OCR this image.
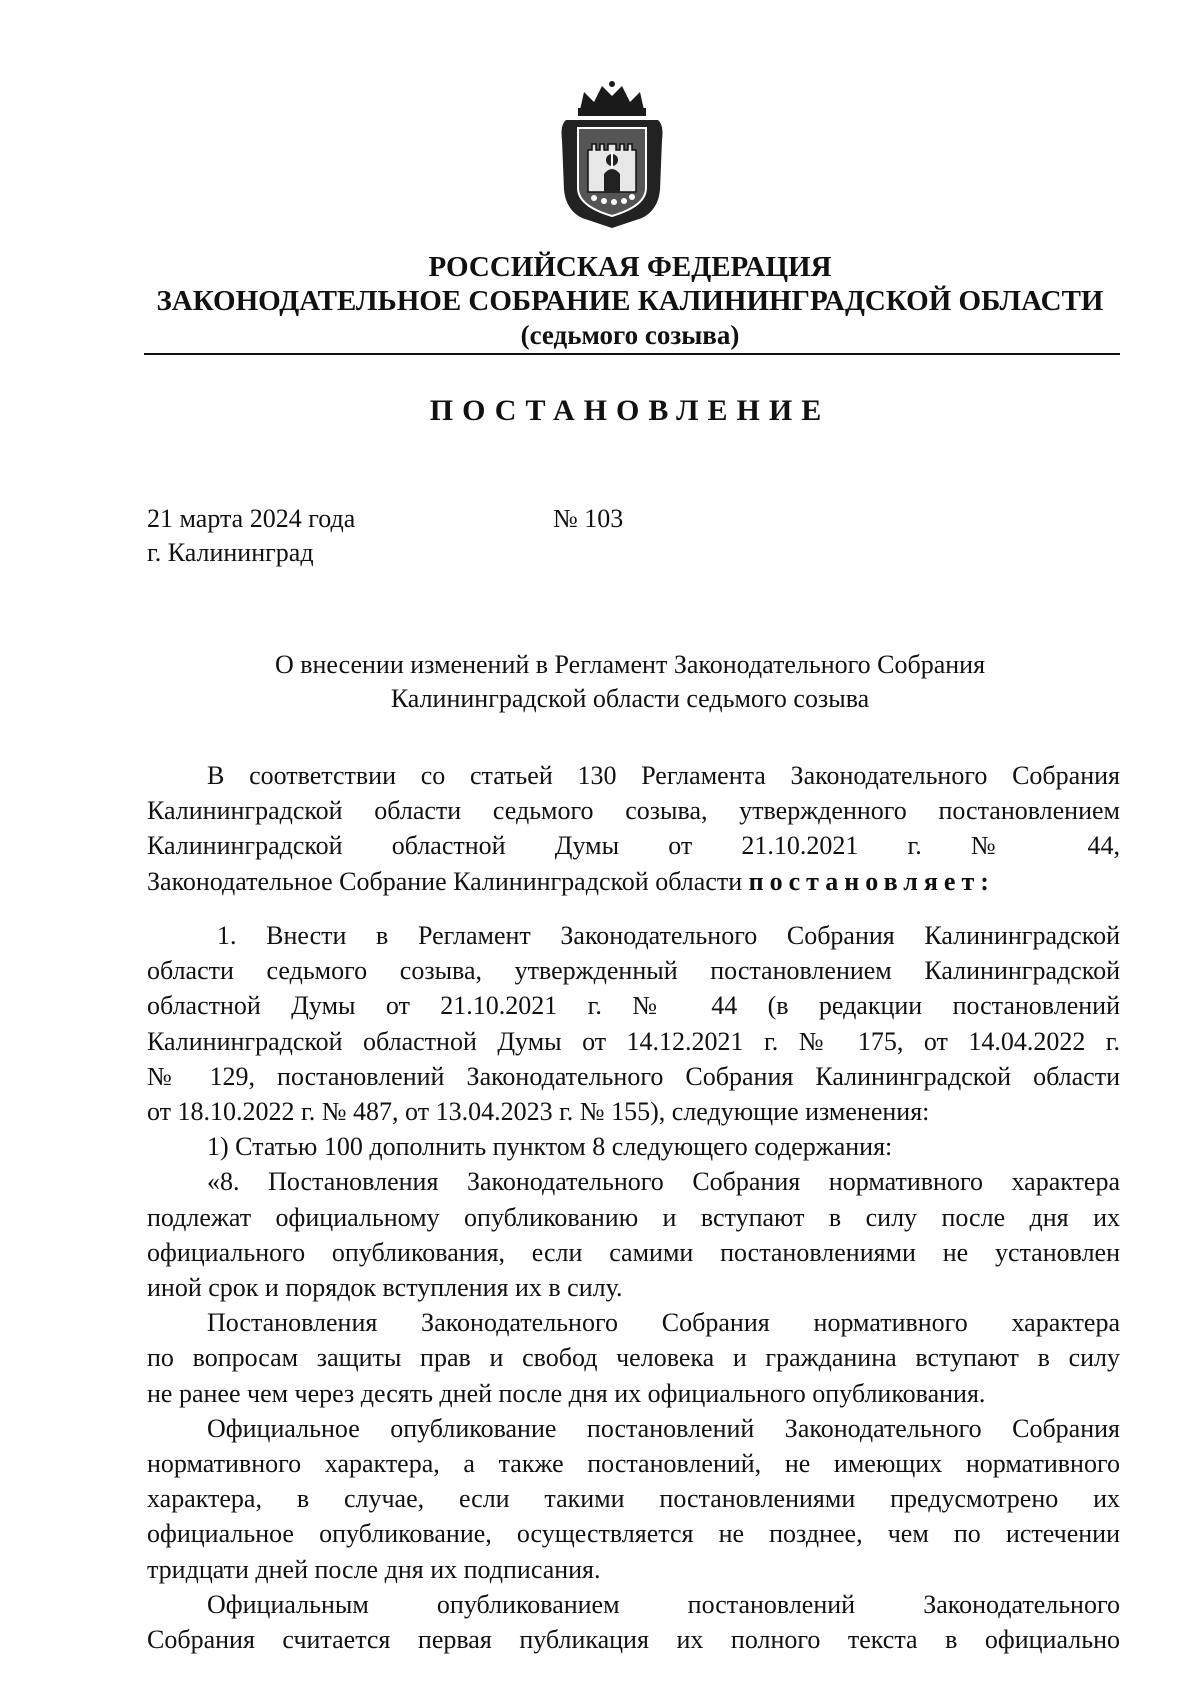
РОССИЙСКАЯ ФЕДЕРАЦИЯ
ЗАКОНОДАТЕЛЬНОЕ СОБРАНИЕ КАЛИНИНГРАДСКОЙ ОБЛАСТИ
(седьмого созыва)
ПОСТАНОВЛЕНИЕ
21 марта 2024 года	№ 103
г. Калининград
О внесении изменений в Регламент Законодательного Собрания
Калининградской области седьмого созыва
В соответствии со статьей 130 Регламента Законодательного Собрания
Калининградской области седьмого созыва, утвержденного постановлением
Калининградской областной Думы от 21.10.2021 г. № 44,
Законодательное Собрание Калининградской области постановляет:
1. Внести в Регламент Законодательного Собрания Калининградской
области седьмого созыва, утвержденный постановлением Калининградской
областной Думы от 21.10.2021 г. № 44 (в редакции постановлений
Калининградской областной Думы от 14.12.2021 г. № 175, от 14.04.2022 г.
№ 129, постановлений Законодательного Собрания Калининградской области
от 18.10.2022 г. № 487, от 13.04.2023 г. № 155), следующие изменения:
1) Статью 100 дополнить пунктом 8 следующего содержания:
«8. Постановления Законодательного Собрания нормативного характера
подлежат официальному опубликованию и вступают в силу после дня их
официального опубликования, если самими постановлениями не установлен
иной срок и порядок вступления их в силу.
Постановления Законодательного Собрания нормативного характера
по вопросам защиты прав и свобод человека и гражданина вступают в силу
не ранее чем через десять дней после дня их официального опубликования.
Официальное опубликование постановлений Законодательного Собрания
нормативного характера, а также постановлений, не имеющих нормативного
характера, в случае, если такими постановлениями предусмотрено их
официальное опубликование, осуществляется не позднее, чем по истечении
тридцати дней после дня их подписания.
Официальным опубликованием постановлений Законодательного
Собрания считается первая публикация их полного текста в официально
